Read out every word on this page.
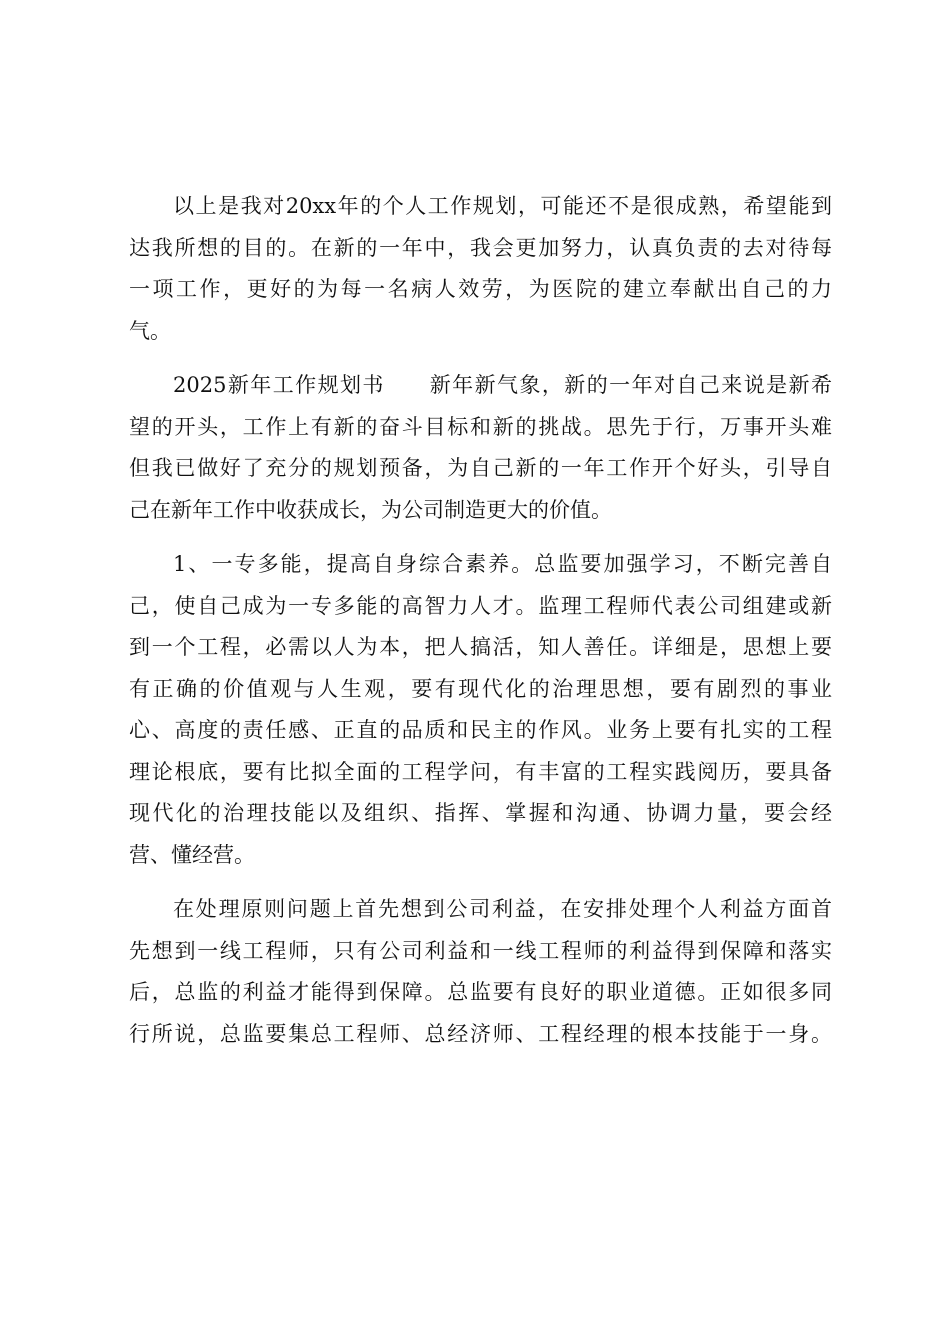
以上是我对20xx年的个人工作规划，可能还不是很成熟，希望能到
达我所想的目的。在新的一年中，我会更加努力，认真负责的去对待每
一项工作，更好的为每一名病人效劳，为医院的建立奉献出自己的力
气。
2025新年工作规划书　　新年新气象，新的一年对自己来说是新希
望的开头，工作上有新的奋斗目标和新的挑战。思先于行，万事开头难
但我已做好了充分的规划预备，为自己新的一年工作开个好头，引导自
己在新年工作中收获成长，为公司制造更大的价值。
1、一专多能，提高自身综合素养。总监要加强学习，不断完善自
己，使自己成为一专多能的高智力人才。监理工程师代表公司组建或新
到一个工程，必需以人为本，把人搞活，知人善任。详细是，思想上要
有正确的价值观与人生观，要有现代化的治理思想，要有剧烈的事业
心、高度的责任感、正直的品质和民主的作风。业务上要有扎实的工程
理论根底，要有比拟全面的工程学问，有丰富的工程实践阅历，要具备
现代化的治理技能以及组织、指挥、掌握和沟通、协调力量，要会经
营、懂经营。
在处理原则问题上首先想到公司利益，在安排处理个人利益方面首
先想到一线工程师，只有公司利益和一线工程师的利益得到保障和落实
后，总监的利益才能得到保障。总监要有良好的职业道德。正如很多同
行所说，总监要集总工程师、总经济师、工程经理的根本技能于一身。
